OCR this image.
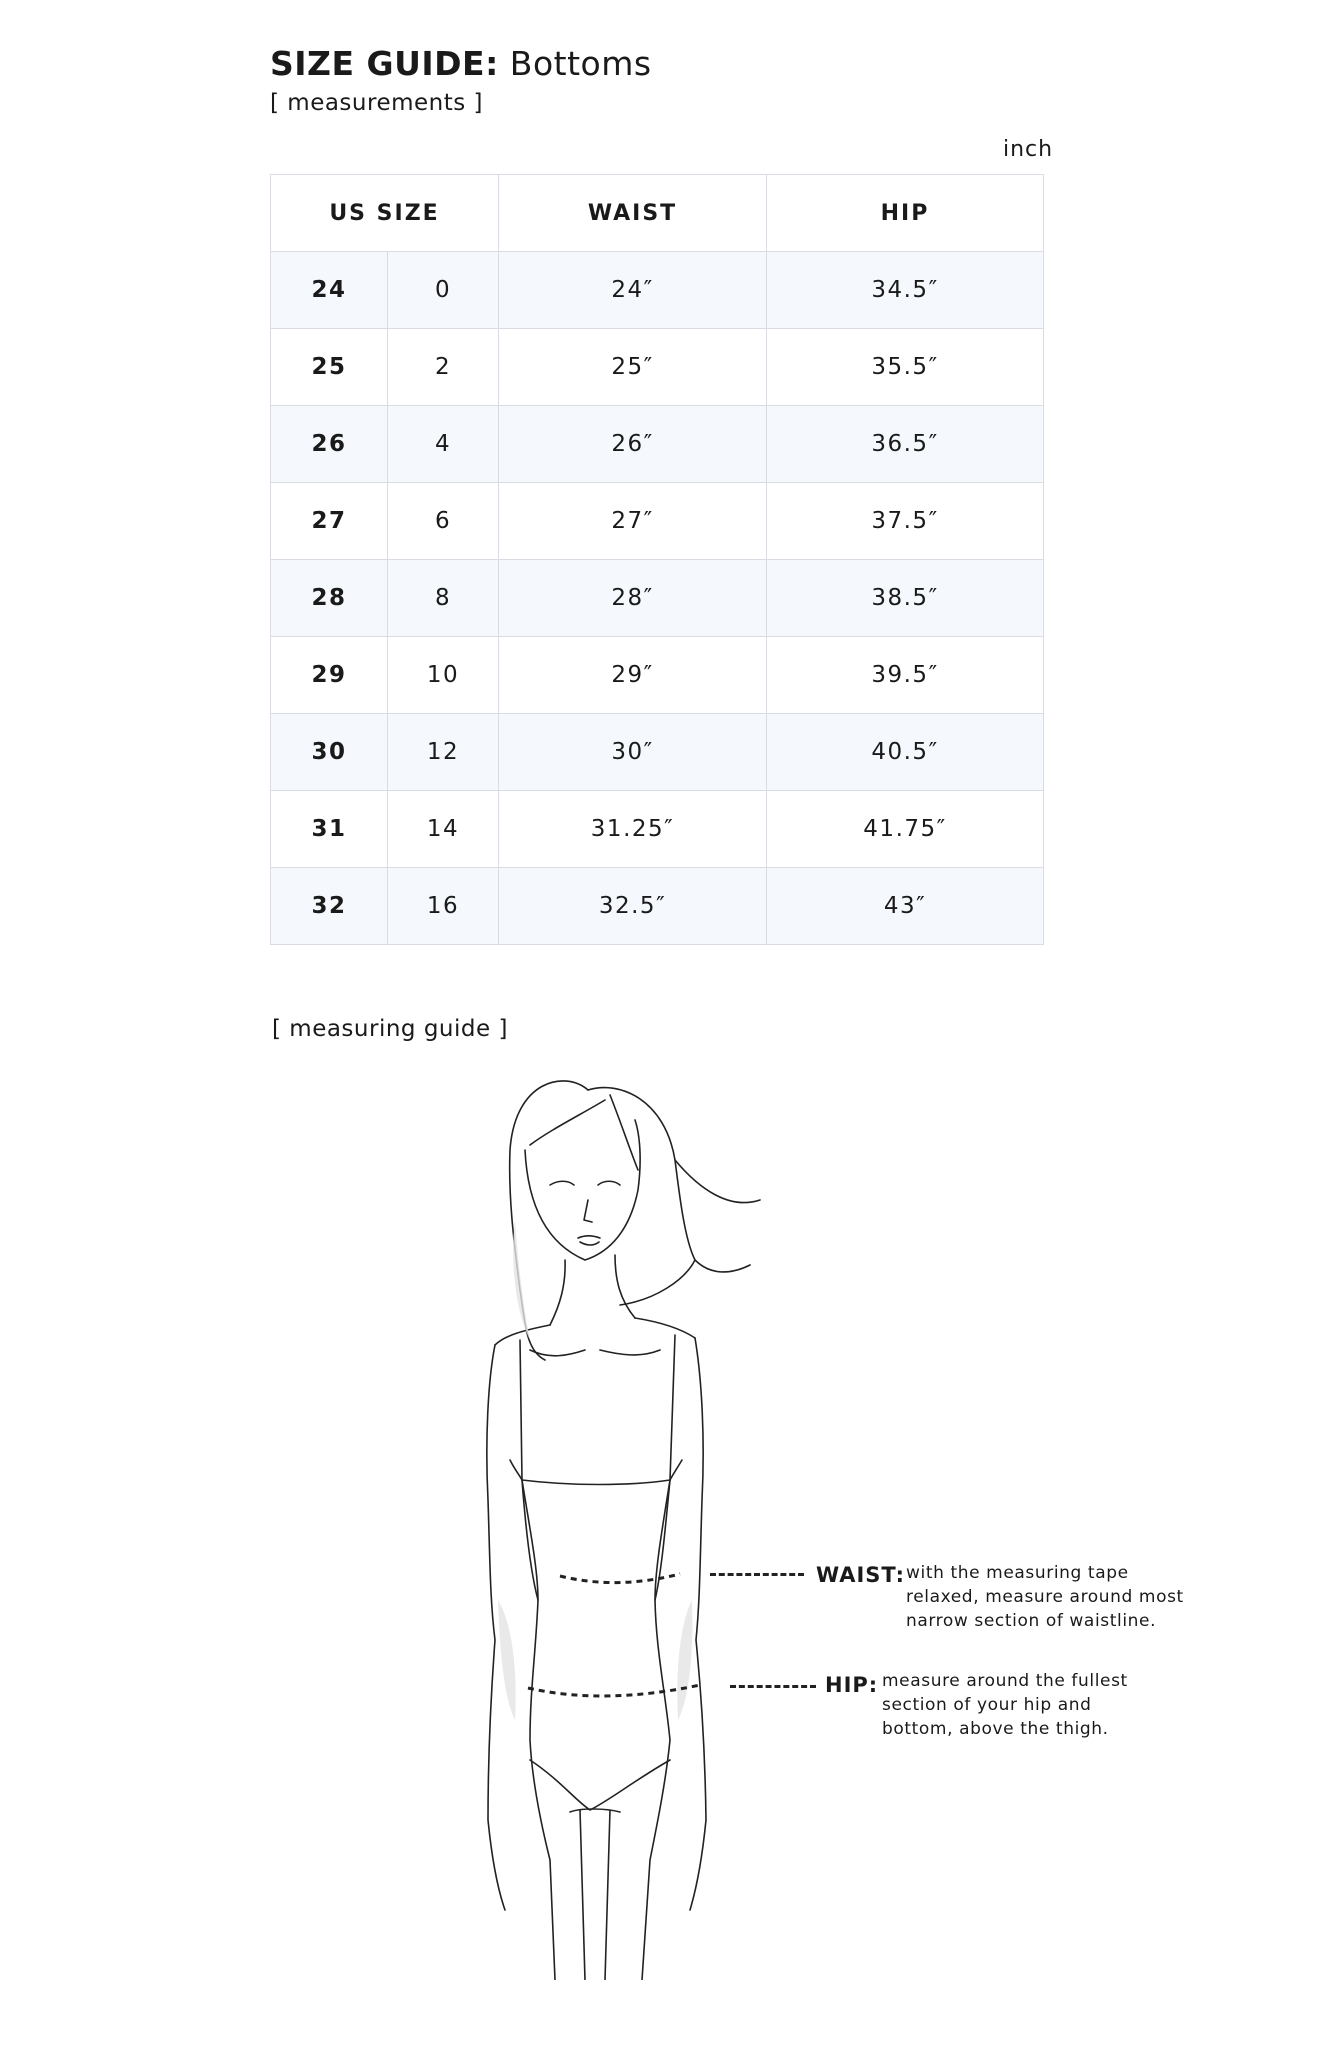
SIZE GUIDE: Bottoms
[ measurements ]
inch
US SIZE		WAIST	HIP
24	0	24″	34.5″
25	2	25″	35.5″
26	4	26″	36.5″
27	6	27″	37.5″
28	8	28″	38.5″
29	10	29″	39.5″
30	12	30″	40.5″
31	14	31.25″	41.75″
32	16	32.5″	43″
[ measuring guide ]
WAIST: with the measuring tape
relaxed, measure around most
narrow section of waistline.
HIP: measure around the fullest
section of your hip and
bottom, above the thigh.
